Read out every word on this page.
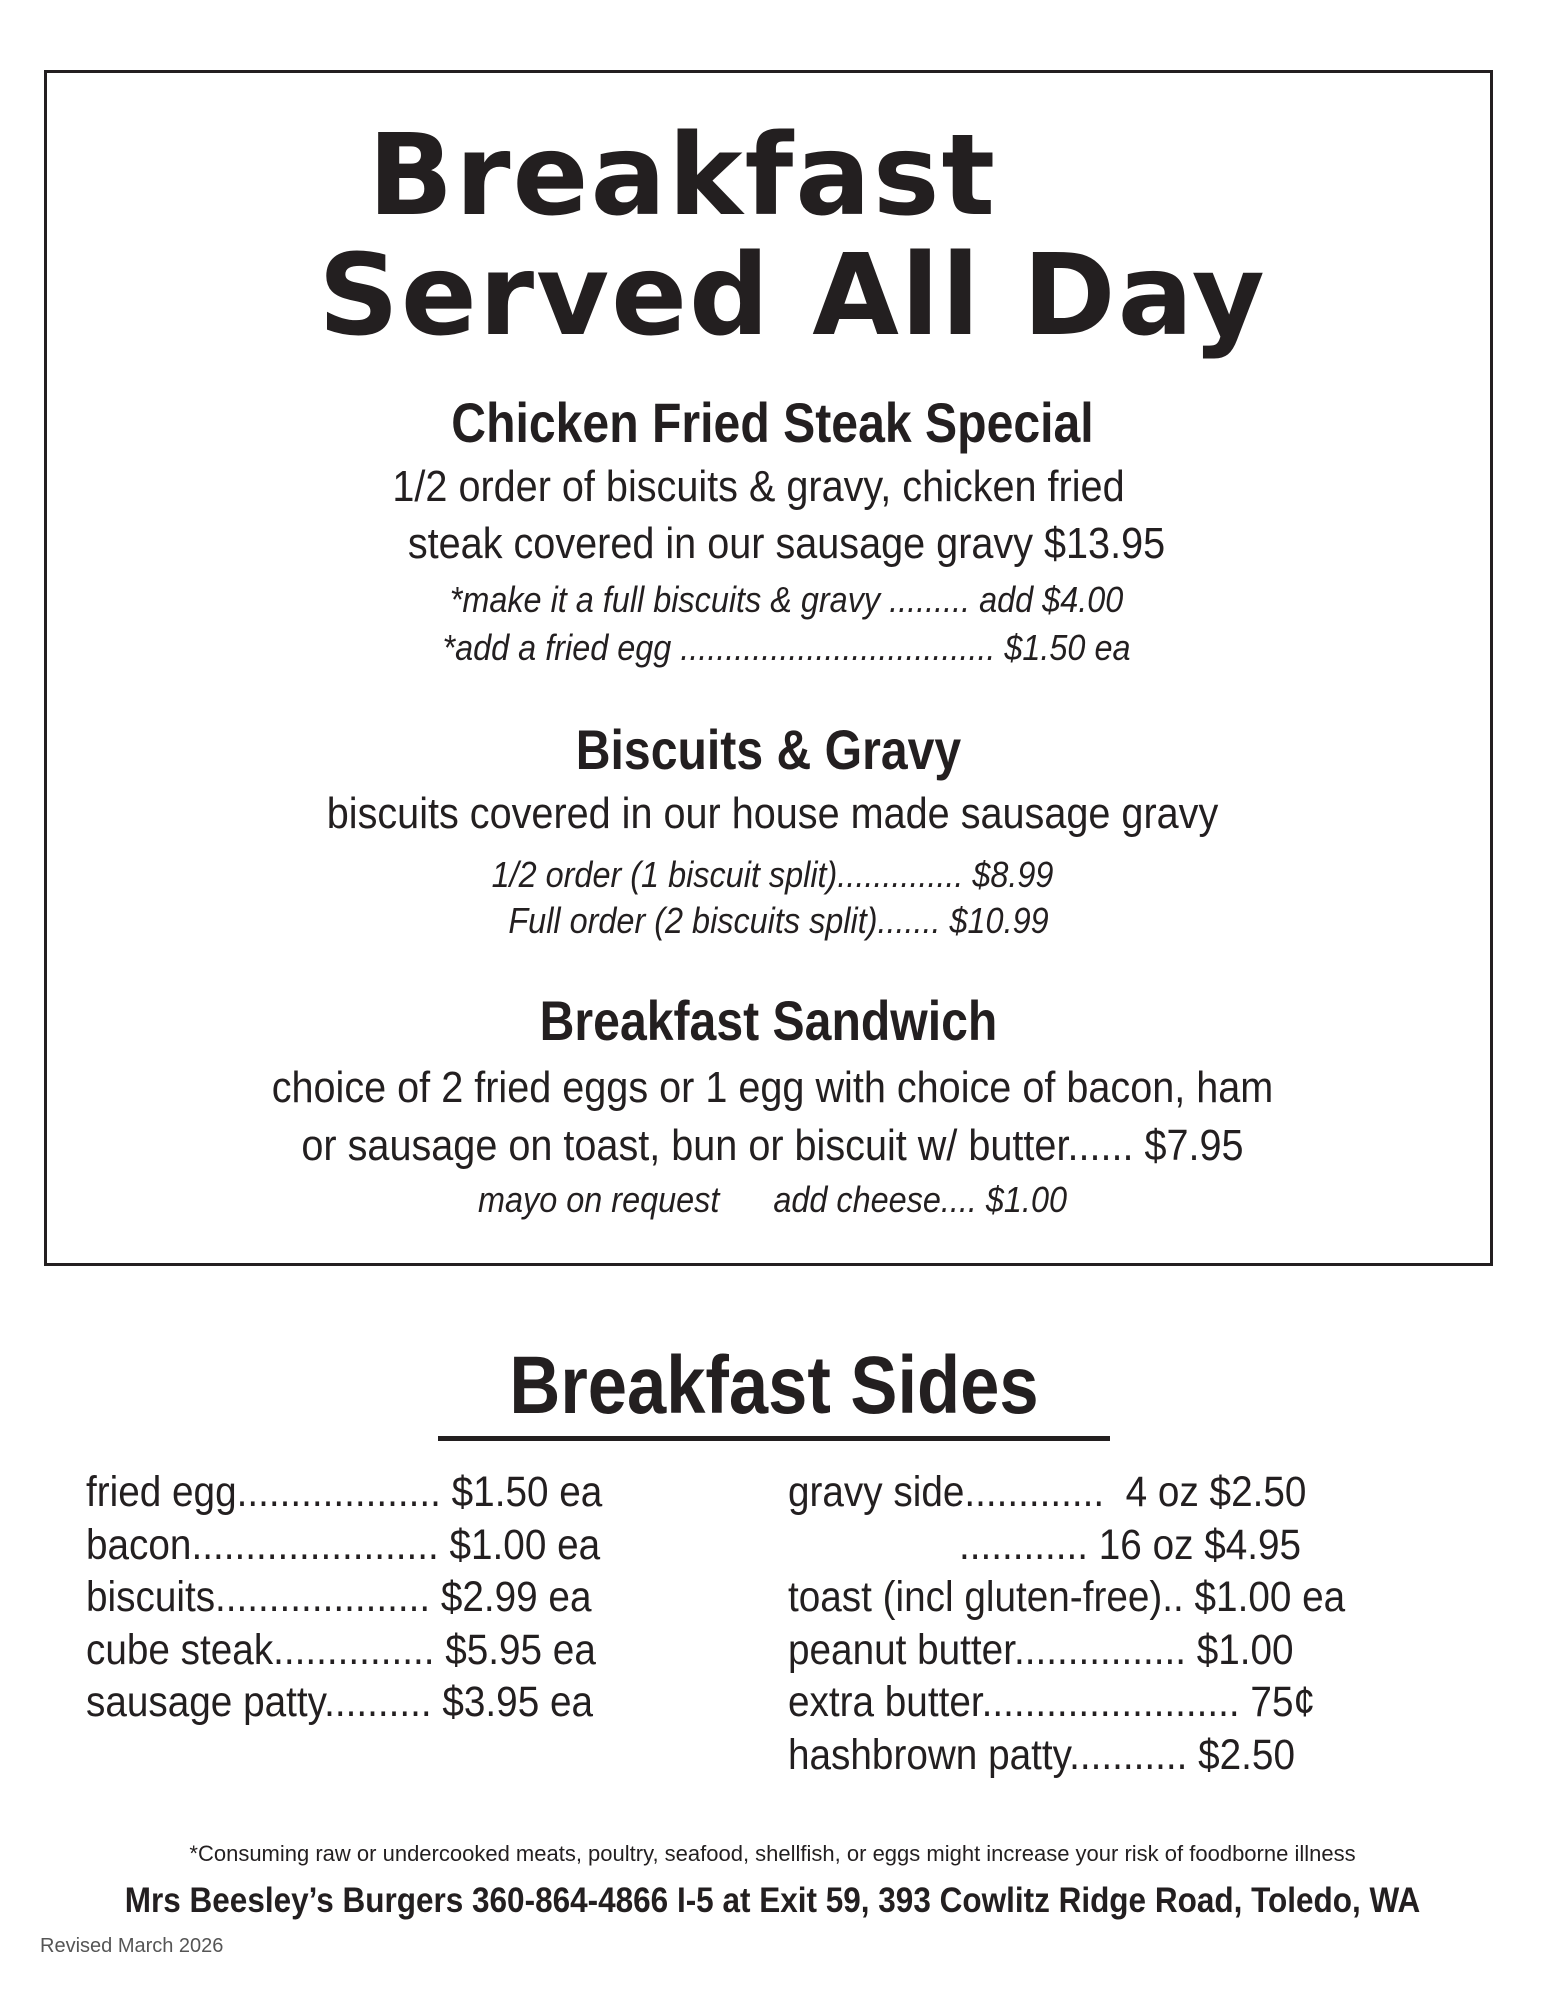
Breakfast
Served All Day
Chicken Fried Steak Special

1/2 order of biscuits & gravy, chicken fried

steak covered in our sausage gravy $13.95

*make it a full biscuits & gravy ......... add $4.00

*add a fried egg ................................... $1.50 ea

Biscuits & Gravy

biscuits covered in our house made sausage gravy

1/2 order (1 biscuit split).............. $8.99

Full order (2 biscuits split)....... $10.99

Breakfast Sandwich

choice of 2 fried eggs or 1 egg with choice of bacon, ham

or sausage on toast, bun or biscuit w/ butter...... $7.95

mayo on request      add cheese.... $1.00

Breakfast Sides
fried egg................... $1.50 ea
bacon....................... $1.00 ea
biscuits.................... $2.99 ea
cube steak............... $5.95 ea
sausage patty.......... $3.95 ea
gravy side.............  4 oz $2.50
............ 16 oz $4.95
toast (incl gluten-free).. $1.00 ea
peanut butter................ $1.00
extra butter........................ 75¢
hashbrown patty........... $2.50

*Consuming raw or undercooked meats, poultry, seafood, shellfish, or eggs might increase your risk of foodborne illness

Mrs Beesley’s Burgers 360-864-4866 I-5 at Exit 59, 393 Cowlitz Ridge Road, Toledo, WA

Revised March 2026
